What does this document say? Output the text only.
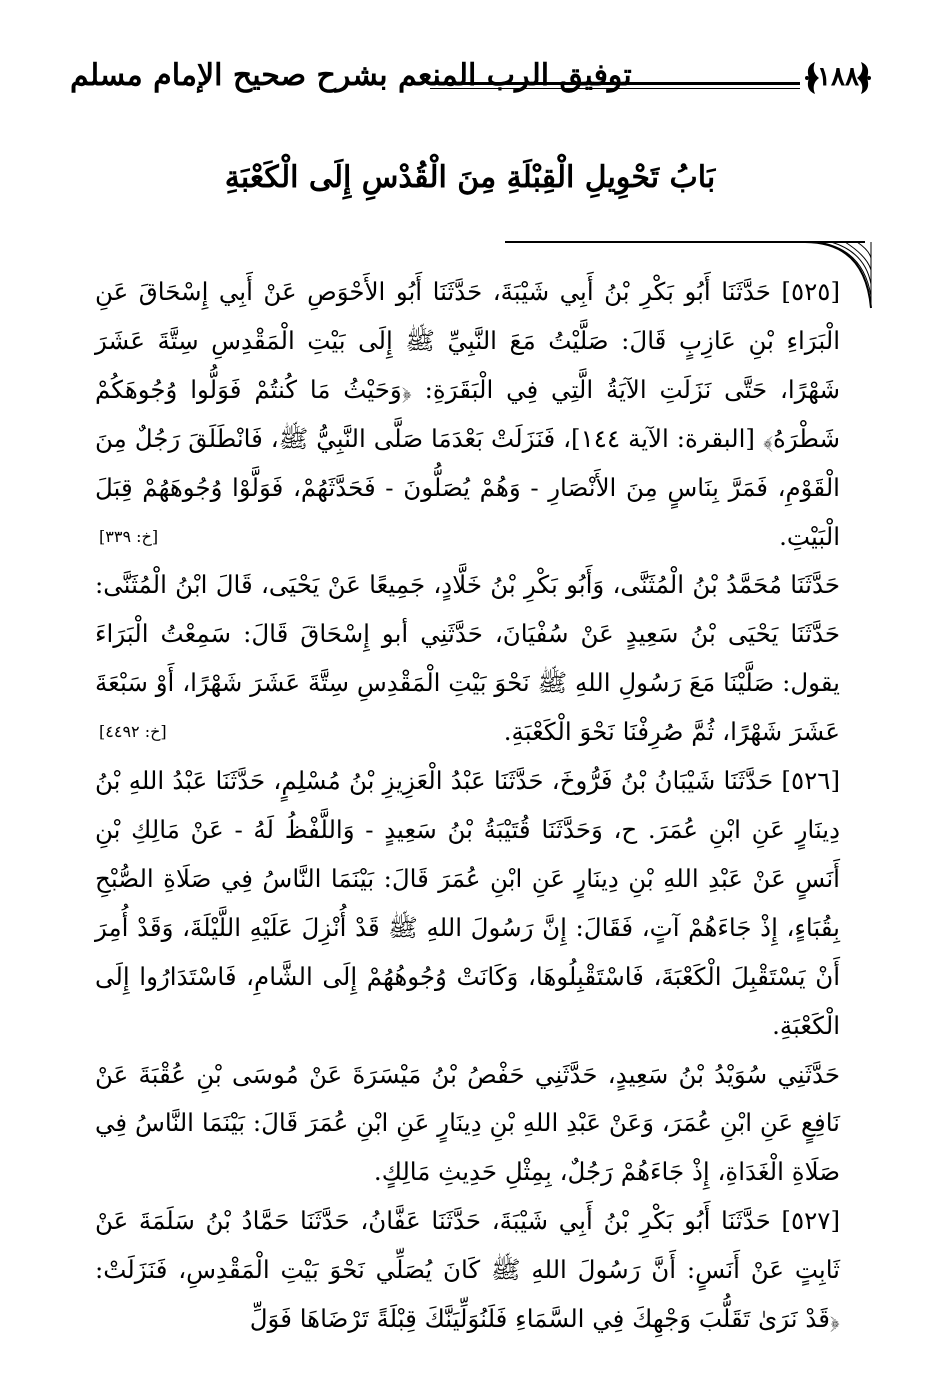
توفيق الرب المنعم بشرح صحيح الإمام مسلم	١٨٨
بَابُ تَحْوِيلِ الْقِبْلَةِ مِنَ الْقُدْسِ إِلَى الْكَعْبَةِ

[٥٢٥] حَدَّثَنَا أَبُو بَكْرِ بْنُ أَبِي شَيْبَةَ، حَدَّثَنَا أَبُو الأَحْوَصِ عَنْ أَبِي إِسْحَاقَ عَنِ الْبَرَاءِ بْنِ عَازِبٍ قَالَ: صَلَّيْتُ مَعَ النَّبِيِّ ﷺ إِلَى بَيْتِ الْمَقْدِسِ سِتَّةَ عَشَرَ شَهْرًا، حَتَّى نَزَلَتِ الآيَةُ الَّتِي فِي الْبَقَرَةِ: ﴿وَحَيْثُ مَا كُنتُمْ فَوَلُّوا وُجُوهَكُمْ شَطْرَهُ﴾ [البقرة: الآية ١٤٤]، فَنَزَلَتْ بَعْدَمَا صَلَّى النَّبِيُّ ﷺ، فَانْطَلَقَ رَجُلٌ مِنَ الْقَوْمِ، فَمَرَّ بِنَاسٍ مِنَ الأَنْصَارِ - وَهُمْ يُصَلُّونَ - فَحَدَّثَهُمْ، فَوَلَّوْا وُجُوهَهُمْ قِبَلَ الْبَيْتِ.
[خ: ٣٣٩]

حَدَّثَنَا مُحَمَّدُ بْنُ الْمُثَنَّى، وَأَبُو بَكْرِ بْنُ خَلَّادٍ، جَمِيعًا عَنْ يَحْيَى، قَالَ ابْنُ الْمُثَنَّى: حَدَّثَنَا يَحْيَى بْنُ سَعِيدٍ عَنْ سُفْيَانَ، حَدَّثَنِي أبو إِسْحَاقَ قَالَ: سَمِعْتُ الْبَرَاءَ يقول: صَلَّيْنَا مَعَ رَسُولِ اللهِ ﷺ نَحْوَ بَيْتِ الْمَقْدِسِ سِتَّةَ عَشَرَ شَهْرًا، أَوْ سَبْعَةَ عَشَرَ شَهْرًا، ثُمَّ صُرِفْنَا نَحْوَ الْكَعْبَةِ.
[خ: ٤٤٩٢]

[٥٢٦] حَدَّثَنَا شَيْبَانُ بْنُ فَرُّوخَ، حَدَّثَنَا عَبْدُ الْعَزِيزِ بْنُ مُسْلِمٍ، حَدَّثَنَا عَبْدُ اللهِ بْنُ دِينَارٍ عَنِ ابْنِ عُمَرَ. ح، وَحَدَّثَنَا قُتَيْبَةُ بْنُ سَعِيدٍ - وَاللَّفْظُ لَهُ - عَنْ مَالِكِ بْنِ أَنَسٍ عَنْ عَبْدِ اللهِ بْنِ دِينَارٍ عَنِ ابْنِ عُمَرَ قَالَ: بَيْنَمَا النَّاسُ فِي صَلَاةِ الصُّبْحِ بِقُبَاءٍ، إِذْ جَاءَهُمْ آتٍ، فَقَالَ: إِنَّ رَسُولَ اللهِ ﷺ قَدْ أُنْزِلَ عَلَيْهِ اللَّيْلَةَ، وَقَدْ أُمِرَ أَنْ يَسْتَقْبِلَ الْكَعْبَةَ، فَاسْتَقْبِلُوهَا، وَكَانَتْ وُجُوهُهُمْ إِلَى الشَّامِ، فَاسْتَدَارُوا إِلَى الْكَعْبَةِ.

حَدَّثَنِي سُوَيْدُ بْنُ سَعِيدٍ، حَدَّثَنِي حَفْصُ بْنُ مَيْسَرَةَ عَنْ مُوسَى بْنِ عُقْبَةَ عَنْ نَافِعٍ عَنِ ابْنِ عُمَرَ، وَعَنْ عَبْدِ اللهِ بْنِ دِينَارٍ عَنِ ابْنِ عُمَرَ قَالَ: بَيْنَمَا النَّاسُ فِي صَلَاةِ الْغَدَاةِ، إِذْ جَاءَهُمْ رَجُلٌ، بِمِثْلِ حَدِيثِ مَالِكٍ.

[٥٢٧] حَدَّثَنَا أَبُو بَكْرِ بْنُ أَبِي شَيْبَةَ، حَدَّثَنَا عَفَّانُ، حَدَّثَنَا حَمَّادُ بْنُ سَلَمَةَ عَنْ ثَابِتٍ عَنْ أَنَسٍ: أَنَّ رَسُولَ اللهِ ﷺ كَانَ يُصَلِّي نَحْوَ بَيْتِ الْمَقْدِسِ، فَنَزَلَتْ: ﴿قَدْ نَرَىٰ تَقَلُّبَ وَجْهِكَ فِي السَّمَاءِ فَلَنُوَلِّيَنَّكَ قِبْلَةً تَرْضَاهَا فَوَلِّ
